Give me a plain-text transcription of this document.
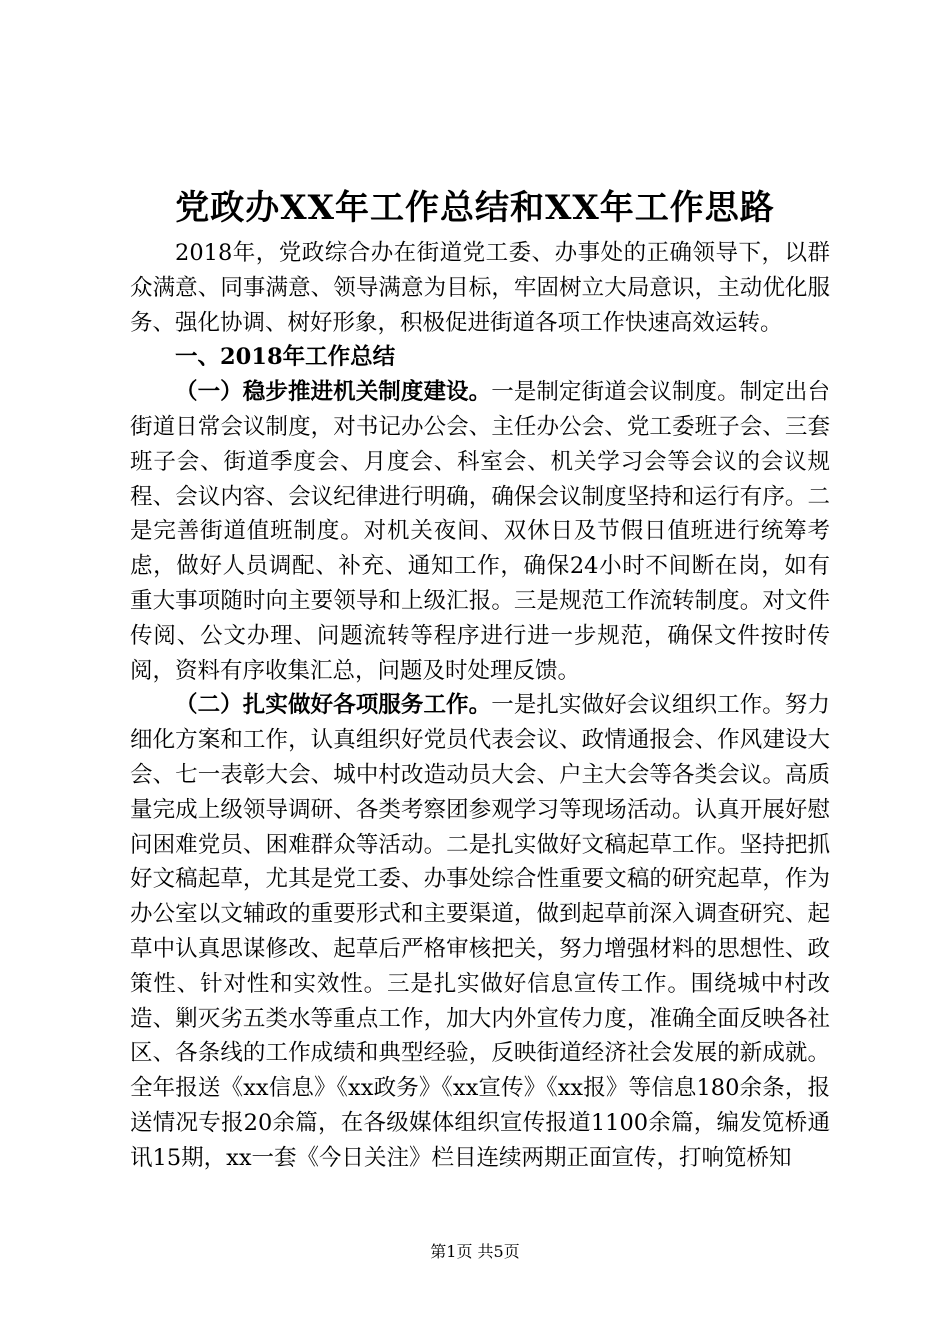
党政办XX年工作总结和XX年工作思路

2018年，党政综合办在街道党工委、办事处的正确领导下，以群众满意、同事满意、领导满意为目标，牢固树立大局意识，主动优化服务、强化协调、树好形象，积极促进街道各项工作快速高效运转。

一、2018年工作总结

（一）稳步推进机关制度建设。一是制定街道会议制度。制定出台街道日常会议制度，对书记办公会、主任办公会、党工委班子会、三套班子会、街道季度会、月度会、科室会、机关学习会等会议的会议规程、会议内容、会议纪律进行明确，确保会议制度坚持和运行有序。二是完善街道值班制度。对机关夜间、双休日及节假日值班进行统筹考虑，做好人员调配、补充、通知工作，确保24小时不间断在岗，如有重大事项随时向主要领导和上级汇报。三是规范工作流转制度。对文件传阅、公文办理、问题流转等程序进行进一步规范，确保文件按时传阅，资料有序收集汇总，问题及时处理反馈。

（二）扎实做好各项服务工作。一是扎实做好会议组织工作。努力细化方案和工作，认真组织好党员代表会议、政情通报会、作风建设大会、七一表彰大会、城中村改造动员大会、户主大会等各类会议。高质量完成上级领导调研、各类考察团参观学习等现场活动。认真开展好慰问困难党员、困难群众等活动。二是扎实做好文稿起草工作。坚持把抓好文稿起草，尤其是党工委、办事处综合性重要文稿的研究起草，作为办公室以文辅政的重要形式和主要渠道，做到起草前深入调查研究、起草中认真思谋修改、起草后严格审核把关，努力增强材料的思想性、政策性、针对性和实效性。三是扎实做好信息宣传工作。围绕城中村改造、剿灭劣五类水等重点工作，加大内外宣传力度，准确全面反映各社区、各条线的工作成绩和典型经验，反映街道经济社会发展的新成就。全年报送《xx信息》《xx政务》《xx宣传》《xx报》等信息180余条，报送情况专报20余篇，在各级媒体组织宣传报道1100余篇，编发笕桥通讯15期，xx一套《今日关注》栏目连续两期正面宣传，打响笕桥知

第1页 共5页
